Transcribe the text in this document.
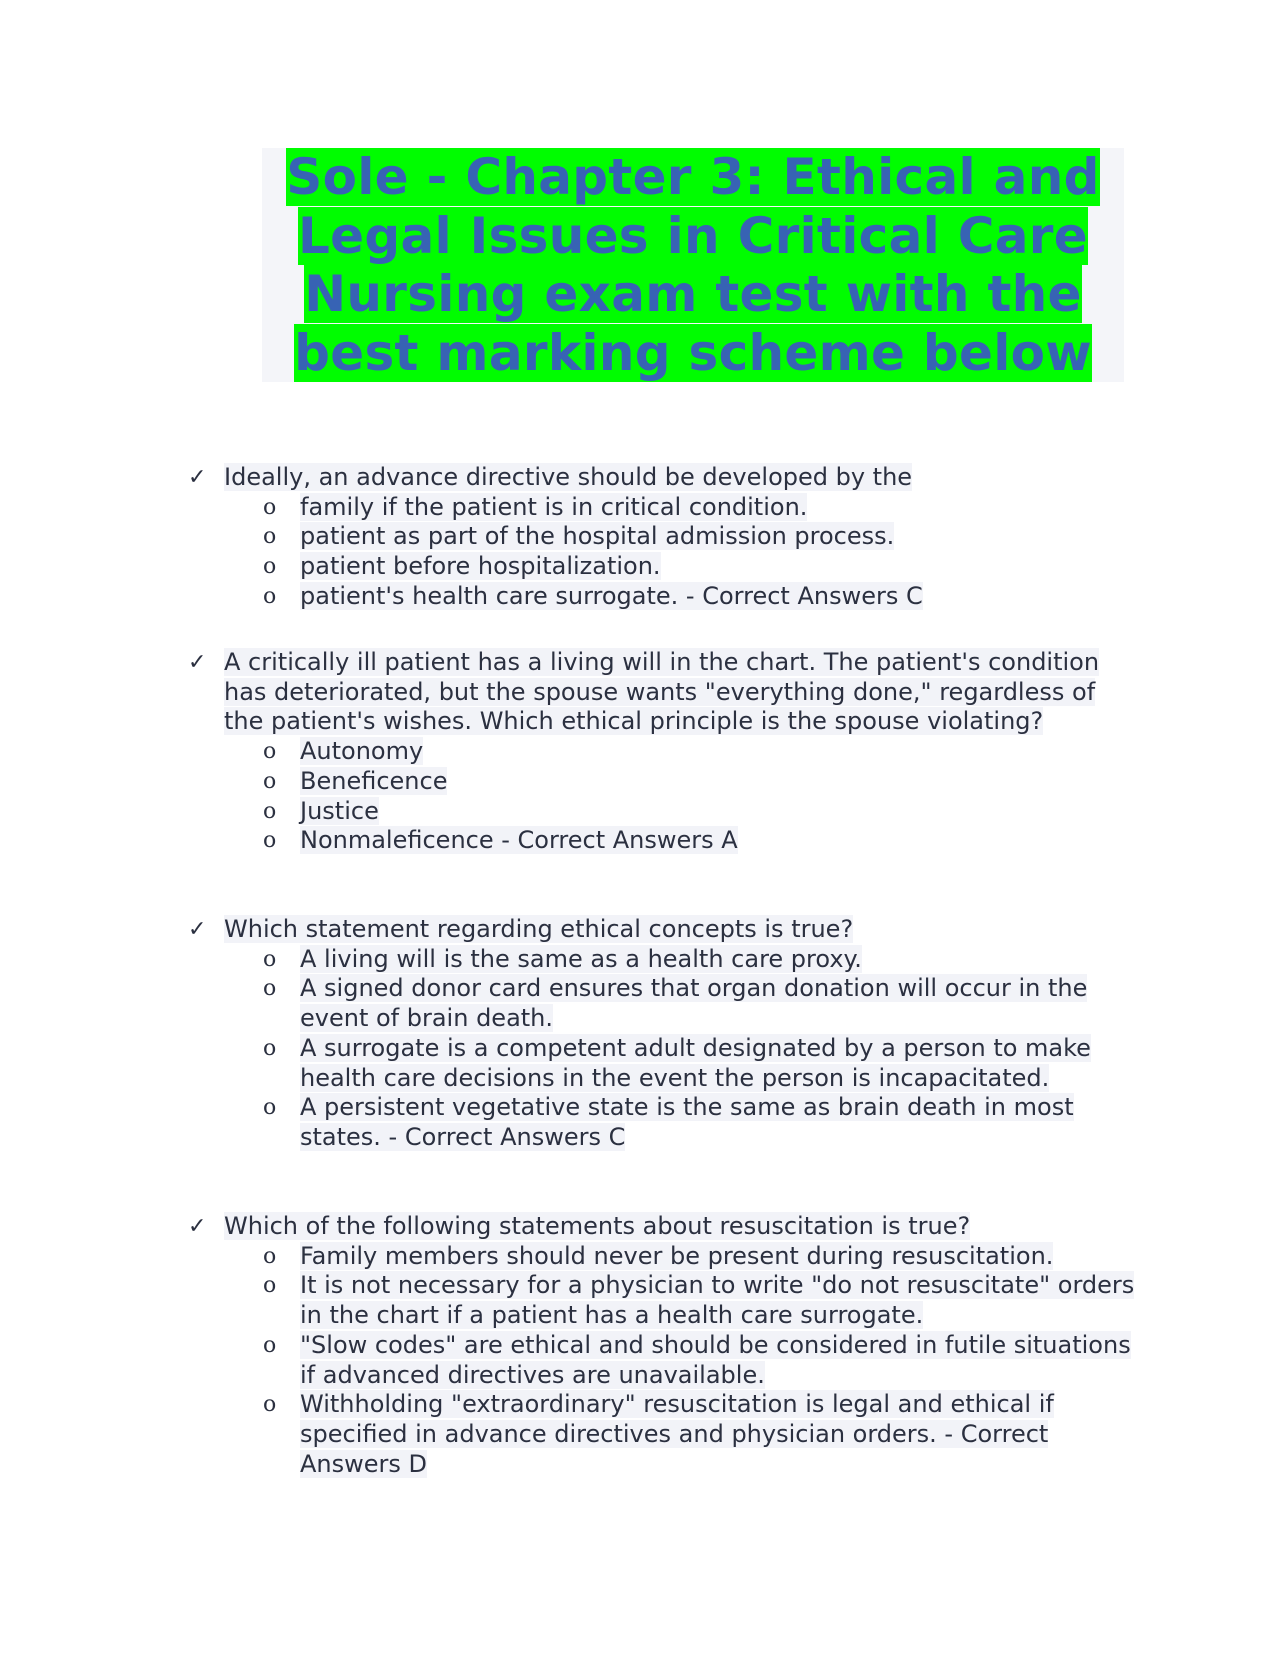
Sole - Chapter 3: Ethical and
Legal Issues in Critical Care
Nursing exam test with the
best marking scheme below
✓ Ideally, an advance directive should be developed by the
o family if the patient is in critical condition.
o patient as part of the hospital admission process.
o patient before hospitalization.
o patient's health care surrogate. - Correct Answers C
✓ A critically ill patient has a living will in the chart. The patient's condition has deteriorated, but the spouse wants "everything done," regardless of the patient's wishes. Which ethical principle is the spouse violating?
o Autonomy
o Beneficence
o Justice
o Nonmaleficence - Correct Answers A
✓ Which statement regarding ethical concepts is true?
o A living will is the same as a health care proxy.
o A signed donor card ensures that organ donation will occur in the event of brain death.
o A surrogate is a competent adult designated by a person to make health care decisions in the event the person is incapacitated.
o A persistent vegetative state is the same as brain death in most states. - Correct Answers C
✓ Which of the following statements about resuscitation is true?
o Family members should never be present during resuscitation.
o It is not necessary for a physician to write "do not resuscitate" orders in the chart if a patient has a health care surrogate.
o "Slow codes" are ethical and should be considered in futile situations if advanced directives are unavailable.
o Withholding "extraordinary" resuscitation is legal and ethical if specified in advance directives and physician orders. - Correct Answers D
